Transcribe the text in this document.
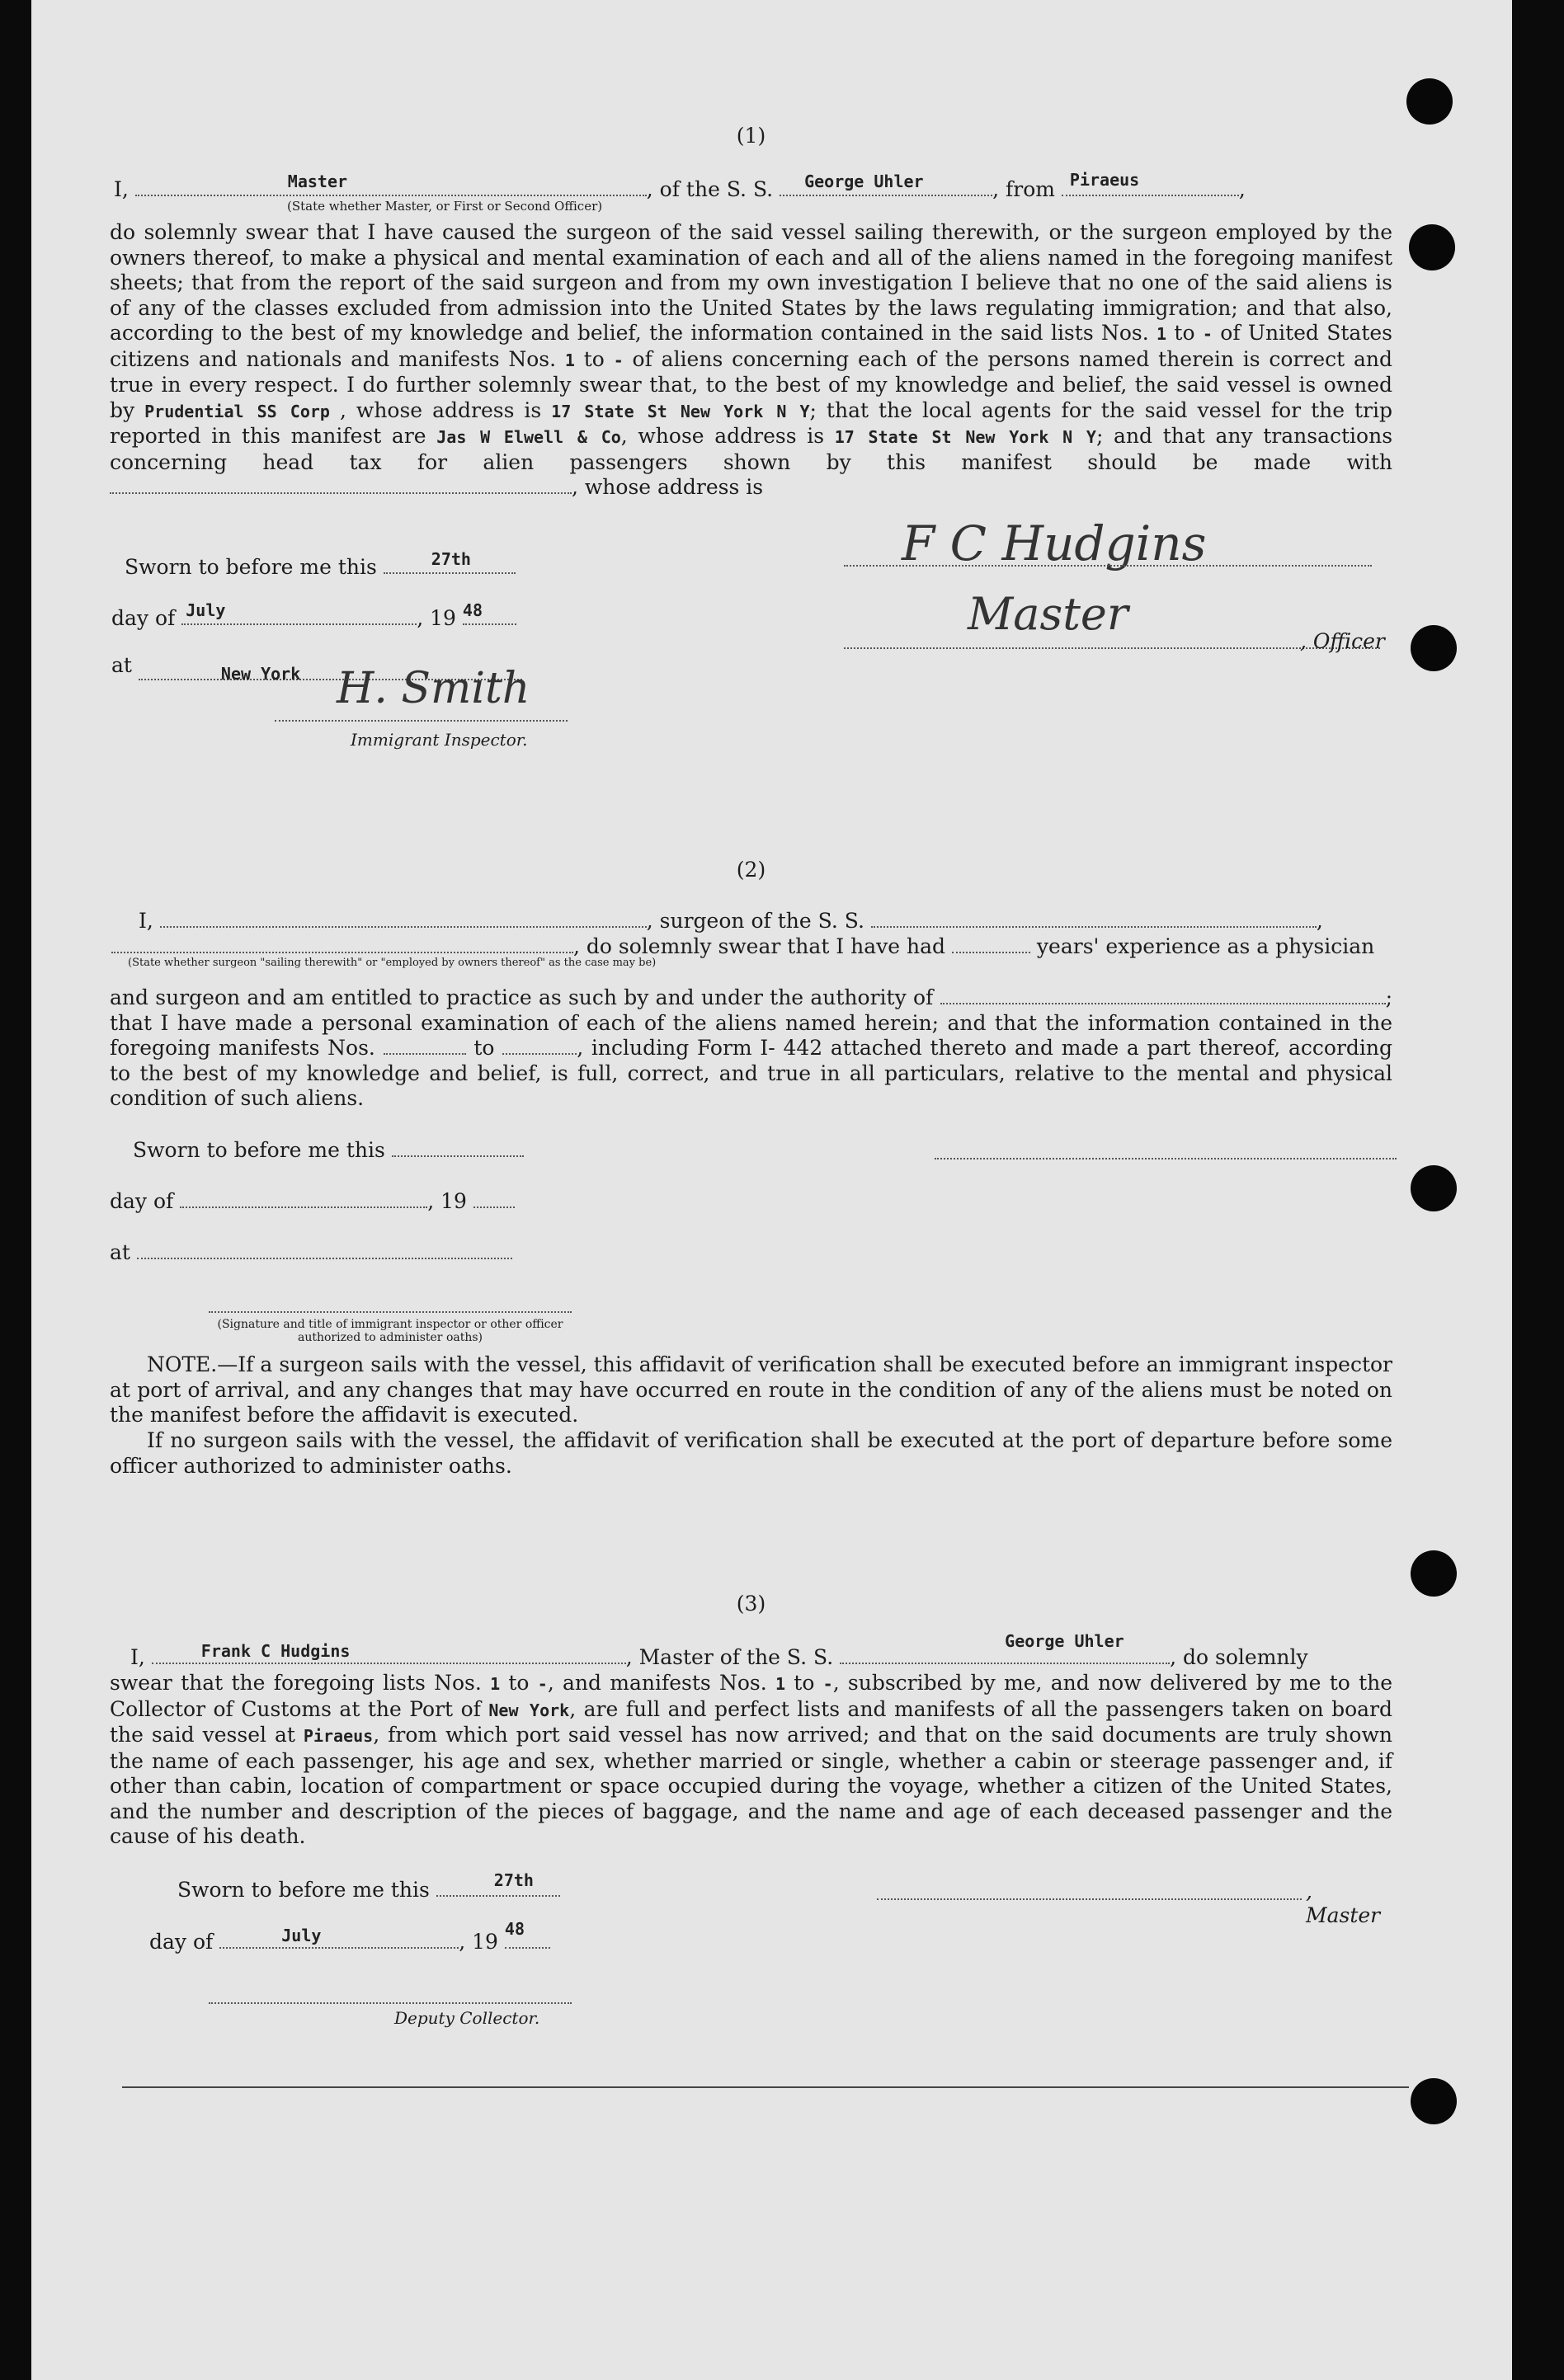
(1)
I,	Master	, of the S. S. George Uhler	, from Piraeus	,
(State whether Master, or First or Second Officer)
do solemnly swear that I have caused the surgeon of the said vessel sailing therewith, or the surgeon employed by the owners thereof, to make a physical and mental examination of each and all of the aliens named in the foregoing manifest sheets; that from the report of the said surgeon and from my own investigation I believe that no one of the said aliens is of any of the classes excluded from admission into the United States by the laws regulating immigration; and that also, according to the best of my knowledge and belief, the information contained in the said lists Nos. 1 to - of United States citizens and nationals and manifests Nos. 1 to - of aliens concerning each of the persons named therein is correct and true in every respect. I do further solemnly swear that, to the best of my knowledge and belief, the said vessel is owned by Prudential SS Corp , whose address is 17 State St New York N Y; that the local agents for the said vessel for the trip reported in this manifest are Jas W Elwell & Co, whose address is 17 State St New York N Y; and that any transactions concerning head tax for alien passengers shown by this manifest should be made with , whose address is
Sworn to before me this	27th
day of July	, 19 48
at	New York H. Smith
Immigrant Inspector.
F C Hudgins
Master
, Officer
(2)
I,	, surgeon of the S. S.	,
, do solemnly swear that I have had	years' experience as a physician
(State whether surgeon "sailing therewith" or "employed by owners thereof" as the case may be)
and surgeon and am entitled to practice as such by and under the authority of	; that I have made a personal examination of each of the aliens named herein; and that the information contained in the foregoing manifests Nos.	to	, including Form I- 442 attached thereto and made a part thereof, according to the best of my knowledge and belief, is full, correct, and true in all particulars, relative to the mental and physical condition of such aliens.
Sworn to before me this
day of	, 19
at
(Signature and title of immigrant inspector or other officer authorized to administer oaths)
NOTE.—If a surgeon sails with the vessel, this affidavit of verification shall be executed before an immigrant inspector at port of arrival, and any changes that may have occurred en route in the condition of any of the aliens must be noted on the manifest before the affidavit is executed.
If no surgeon sails with the vessel, the affidavit of verification shall be executed at the port of departure before some officer authorized to administer oaths.
(3)
I,	Frank C Hudgins	, Master of the S. S.
George Uhler
, do solemnly
swear that the foregoing lists Nos. 1 to -, and manifests Nos. 1 to -, subscribed by me, and now delivered by me to the Collector of Customs at the Port of New York, are full and perfect lists and manifests of all the passengers taken on board the said vessel at Piraeus, from which port said vessel has now arrived; and that on the said documents are truly shown the name of each passenger, his age and sex, whether married or single, whether a cabin or steerage passenger and, if other than cabin, location of compartment or space occupied during the voyage, whether a citizen of the United States, and the number and description of the pieces of baggage, and the name and age of each deceased passenger and the cause of his death.
Sworn to before me this	27th	, Master
day of	July	, 19
48
Deputy Collector.
